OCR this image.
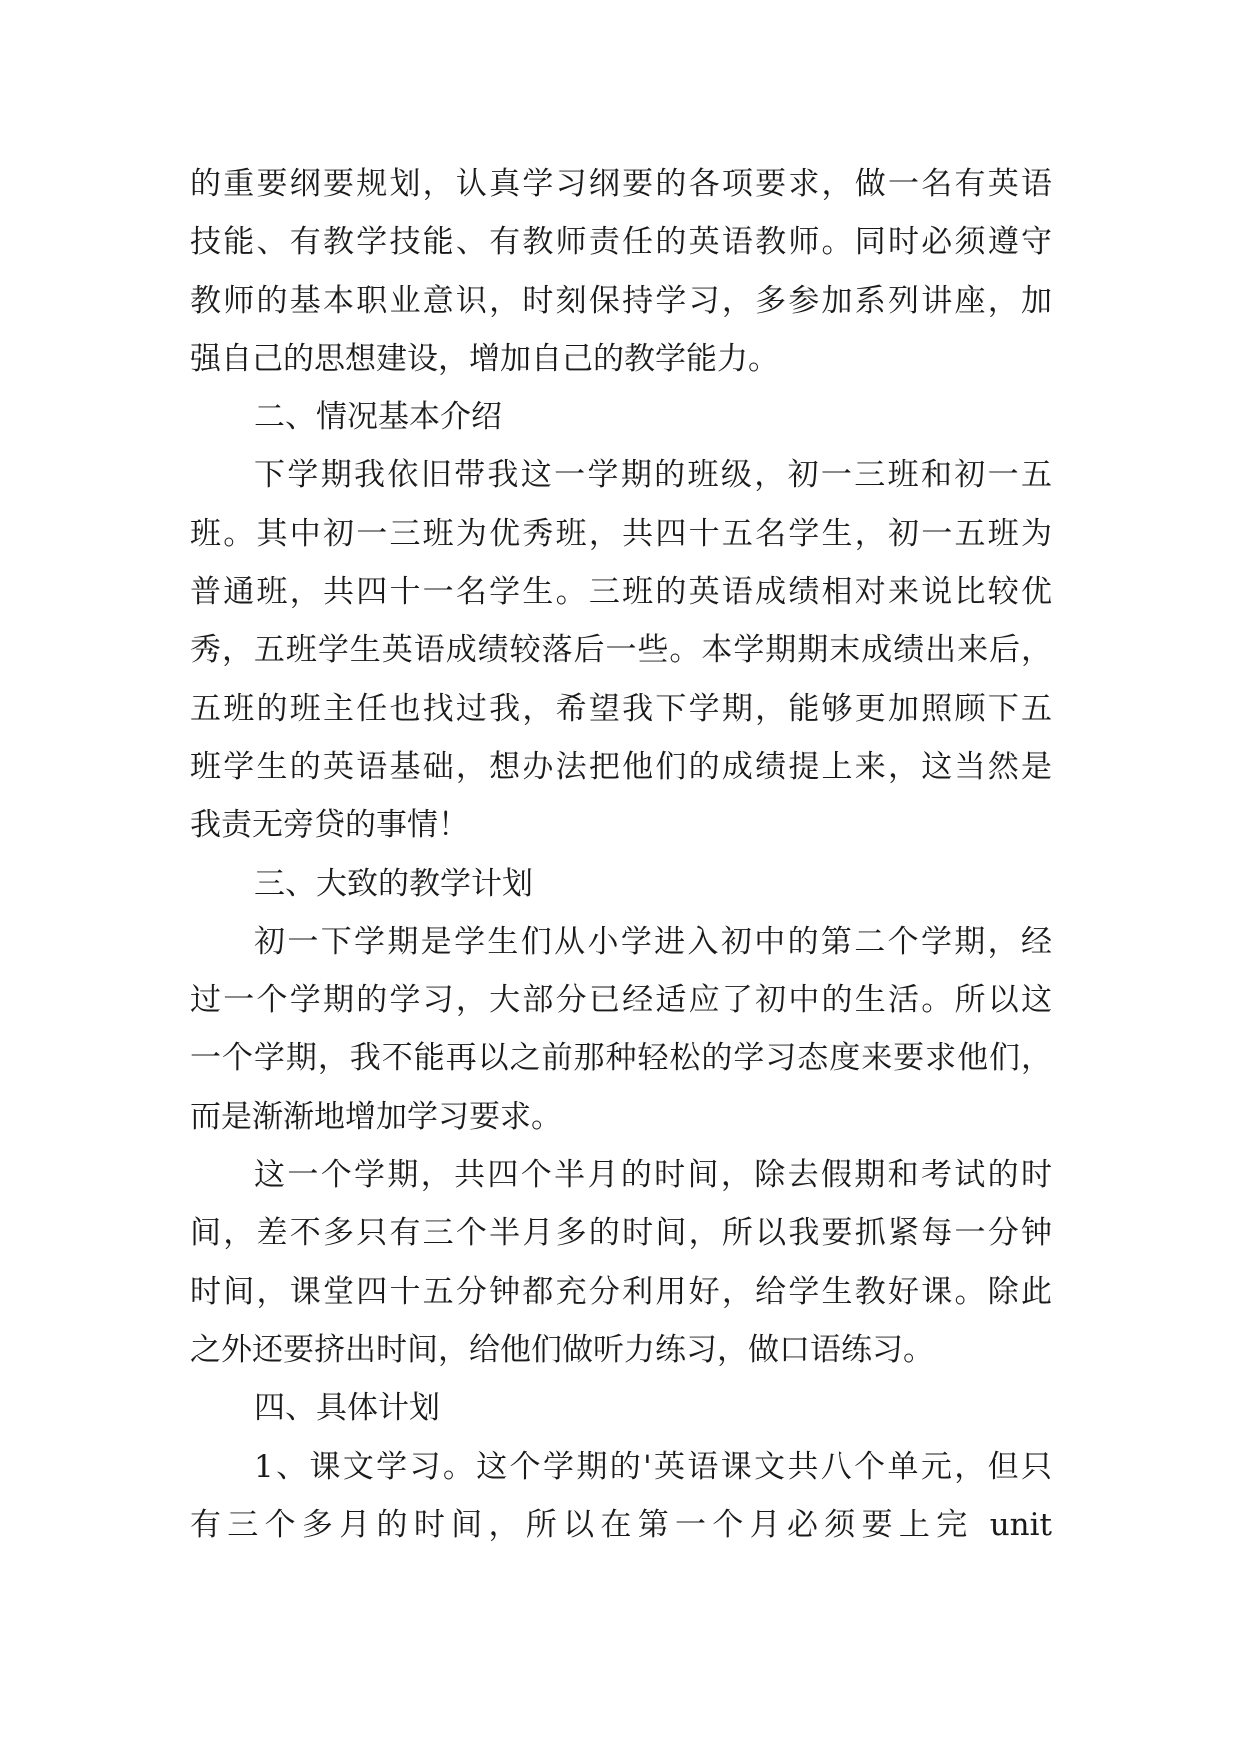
的重要纲要规划，认真学习纲要的各项要求，做一名有英语
技能、有教学技能、有教师责任的英语教师。同时必须遵守
教师的基本职业意识，时刻保持学习，多参加系列讲座，加
强自己的思想建设，增加自己的教学能力。
二、情况基本介绍
下学期我依旧带我这一学期的班级，初一三班和初一五
班。其中初一三班为优秀班，共四十五名学生，初一五班为
普通班，共四十一名学生。三班的英语成绩相对来说比较优
秀，五班学生英语成绩较落后一些。本学期期末成绩出来后，
五班的班主任也找过我，希望我下学期，能够更加照顾下五
班学生的英语基础，想办法把他们的成绩提上来，这当然是
我责无旁贷的事情！
三、大致的教学计划
初一下学期是学生们从小学进入初中的第二个学期，经
过一个学期的学习，大部分已经适应了初中的生活。所以这
一个学期，我不能再以之前那种轻松的学习态度来要求他们，
而是渐渐地增加学习要求。
这一个学期，共四个半月的时间，除去假期和考试的时
间，差不多只有三个半月多的时间，所以我要抓紧每一分钟
时间，课堂四十五分钟都充分利用好，给学生教好课。除此
之外还要挤出时间，给他们做听力练习，做口语练习。
四、具体计划
1、课文学习。这个学期的'英语课文共八个单元，但只
有三个多月的时间，所以在第一个月必须要上完 unit
